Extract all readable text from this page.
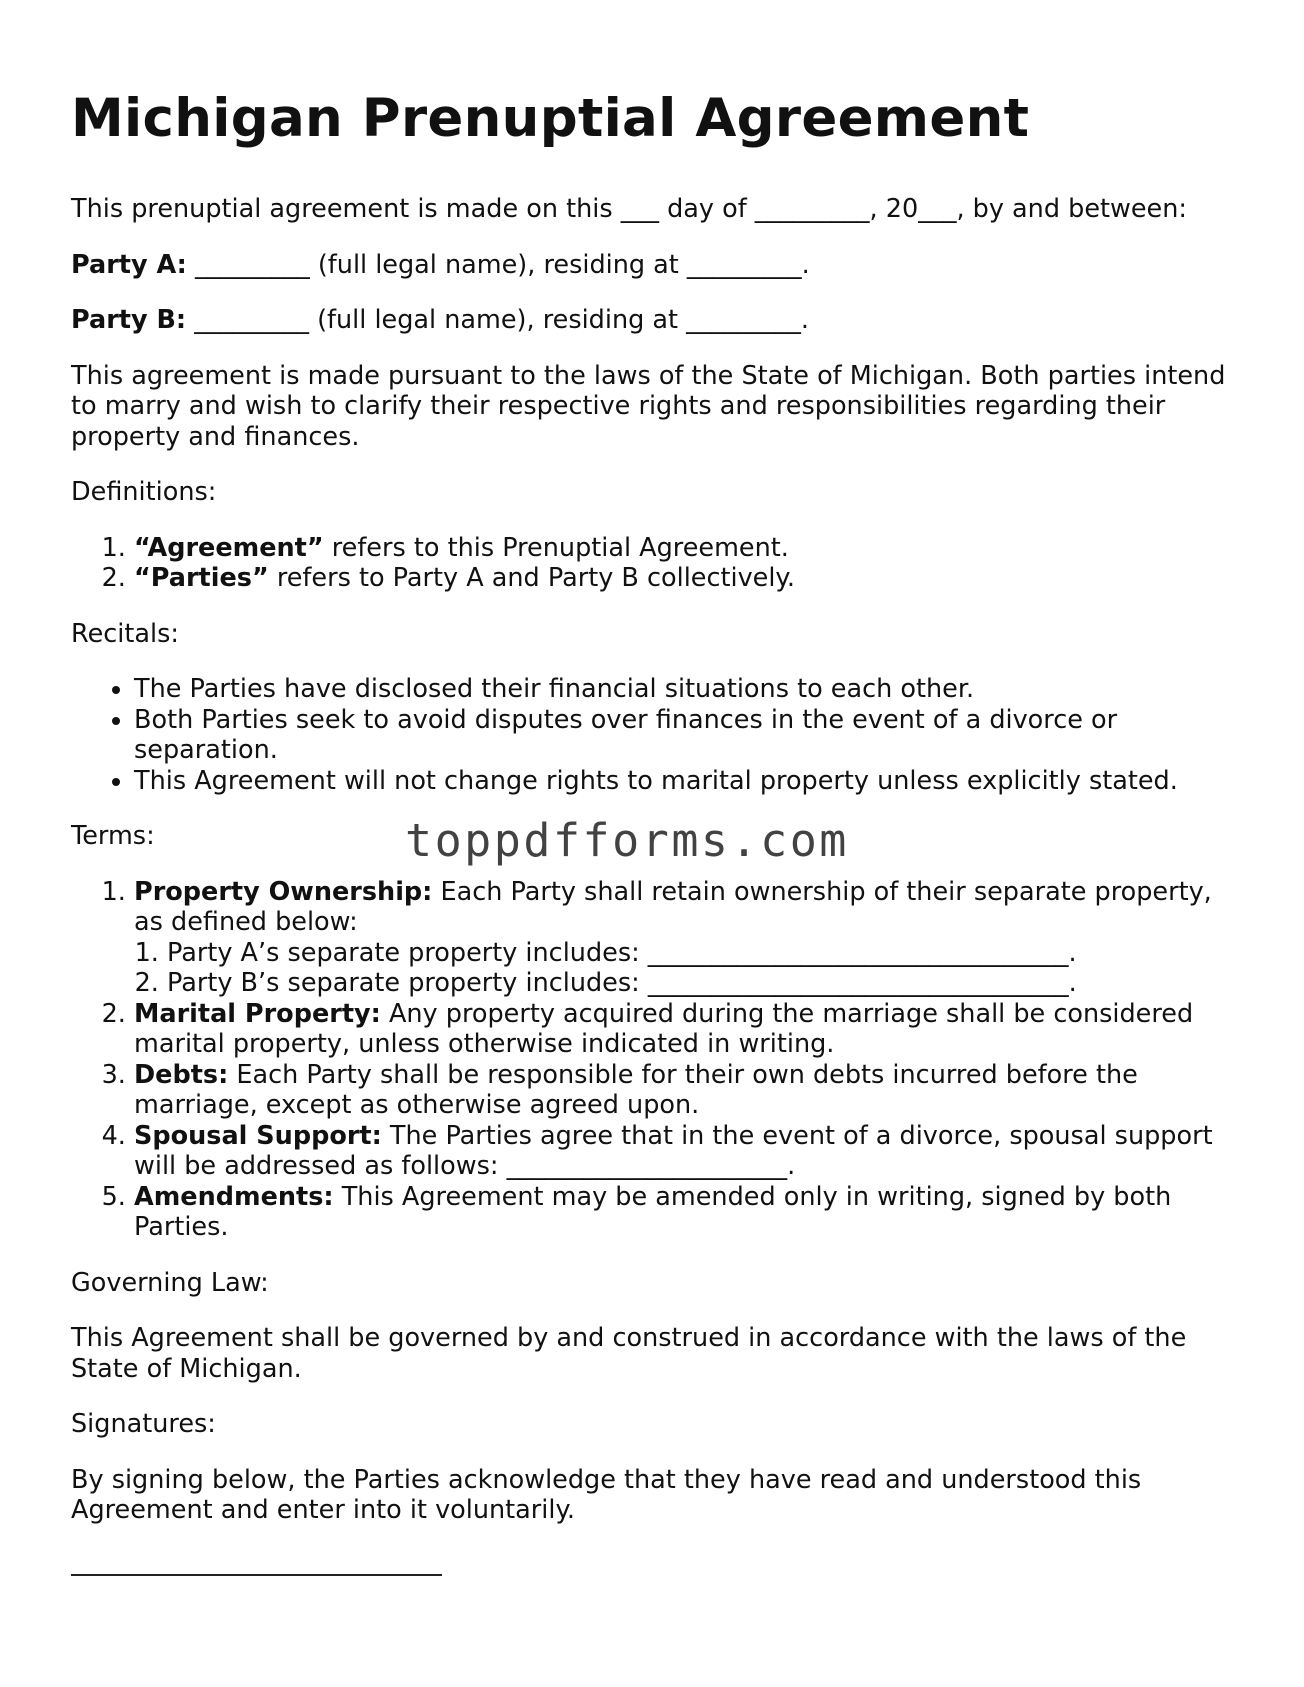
Michigan Prenuptial Agreement

This prenuptial agreement is made on this ___ day of _________, 20___, by and between:

Party A: _________ (full legal name), residing at _________.

Party B: _________ (full legal name), residing at _________.

This agreement is made pursuant to the laws of the State of Michigan. Both parties intend to marry and wish to clarify their respective rights and responsibilities regarding their property and finances.

Definitions:

1. “Agreement” refers to this Prenuptial Agreement.
2. “Parties” refers to Party A and Party B collectively.

Recitals:

• The Parties have disclosed their financial situations to each other.
• Both Parties seek to avoid disputes over finances in the event of a divorce or separation.
• This Agreement will not change rights to marital property unless explicitly stated.

Terms:

1. Property Ownership: Each Party shall retain ownership of their separate property, as defined below:
1. Party A’s separate property includes: _________________________________.
2. Party B’s separate property includes: _________________________________.
2. Marital Property: Any property acquired during the marriage shall be considered marital property, unless otherwise indicated in writing.
3. Debts: Each Party shall be responsible for their own debts incurred before the marriage, except as otherwise agreed upon.
4. Spousal Support: The Parties agree that in the event of a divorce, spousal support will be addressed as follows: ______________________.
5. Amendments: This Agreement may be amended only in writing, signed by both Parties.

Governing Law:

This Agreement shall be governed by and construed in accordance with the laws of the State of Michigan.

Signatures:

By signing below, the Parties acknowledge that they have read and understood this Agreement and enter into it voluntarily.

toppdfforms.com
